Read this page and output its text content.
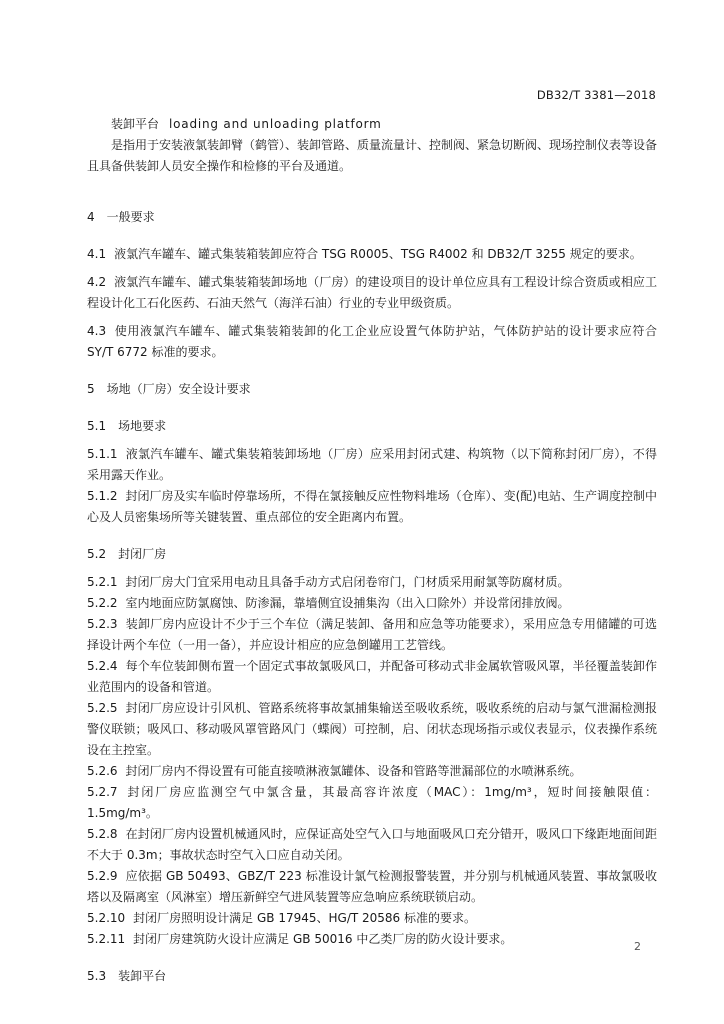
DB32/T 3381—2018

装卸平台 loading and unloading platform

是指用于安装液氯装卸臂（鹤管）、装卸管路、质量流量计、控制阀、紧急切断阀、现场控制仪表等设备且具备供装卸人员安全操作和检修的平台及通道。

4　一般要求

4.1 液氯汽车罐车、罐式集装箱装卸应符合 TSG R0005、TSG R4002 和 DB32/T 3255 规定的要求。

4.2 液氯汽车罐车、罐式集装箱装卸场地（厂房）的建设项目的设计单位应具有工程设计综合资质或相应工程设计化工石化医药、石油天然气（海洋石油）行业的专业甲级资质。

4.3 使用液氯汽车罐车、罐式集装箱装卸的化工企业应设置气体防护站，气体防护站的设计要求应符合 SY/T 6772 标准的要求。

5　场地（厂房）安全设计要求

5.1　场地要求

5.1.1 液氯汽车罐车、罐式集装箱装卸场地（厂房）应采用封闭式建、构筑物（以下简称封闭厂房），不得采用露天作业。

5.1.2 封闭厂房及实车临时停靠场所，不得在氯接触反应性物料堆场（仓库）、变(配)电站、生产调度控制中心及人员密集场所等关键装置、重点部位的安全距离内布置。

5.2　封闭厂房

5.2.1 封闭厂房大门宜采用电动且具备手动方式启闭卷帘门，门材质采用耐氯等防腐材质。

5.2.2 室内地面应防氯腐蚀、防渗漏，靠墙侧宜设捕集沟（出入口除外）并设常闭排放阀。

5.2.3 装卸厂房内应设计不少于三个车位（满足装卸、备用和应急等功能要求），采用应急专用储罐的可选择设计两个车位（一用一备），并应设计相应的应急倒罐用工艺管线。

5.2.4 每个车位装卸侧布置一个固定式事故氯吸风口，并配备可移动式非金属软管吸风罩，半径覆盖装卸作业范围内的设备和管道。

5.2.5 封闭厂房应设计引风机、管路系统将事故氯捕集输送至吸收系统，吸收系统的启动与氯气泄漏检测报警仪联锁；吸风口、移动吸风罩管路风门（蝶阀）可控制，启、闭状态现场指示或仪表显示，仪表操作系统设在主控室。

5.2.6 封闭厂房内不得设置有可能直接喷淋液氯罐体、设备和管路等泄漏部位的水喷淋系统。

5.2.7 封闭厂房应监测空气中氯含量，其最高容许浓度（MAC）：1mg/m³，短时间接触限值：1.5mg/m³。

5.2.8 在封闭厂房内设置机械通风时，应保证高处空气入口与地面吸风口充分错开，吸风口下缘距地面间距不大于 0.3m；事故状态时空气入口应自动关闭。

5.2.9 应依据 GB 50493、GBZ/T 223 标准设计氯气检测报警装置，并分别与机械通风装置、事故氯吸收塔以及隔离室（风淋室）增压新鲜空气进风装置等应急响应系统联锁启动。

5.2.10 封闭厂房照明设计满足 GB 17945、HG/T 20586 标准的要求。

5.2.11 封闭厂房建筑防火设计应满足 GB 50016 中乙类厂房的防火设计要求。

5.3　装卸平台

2
